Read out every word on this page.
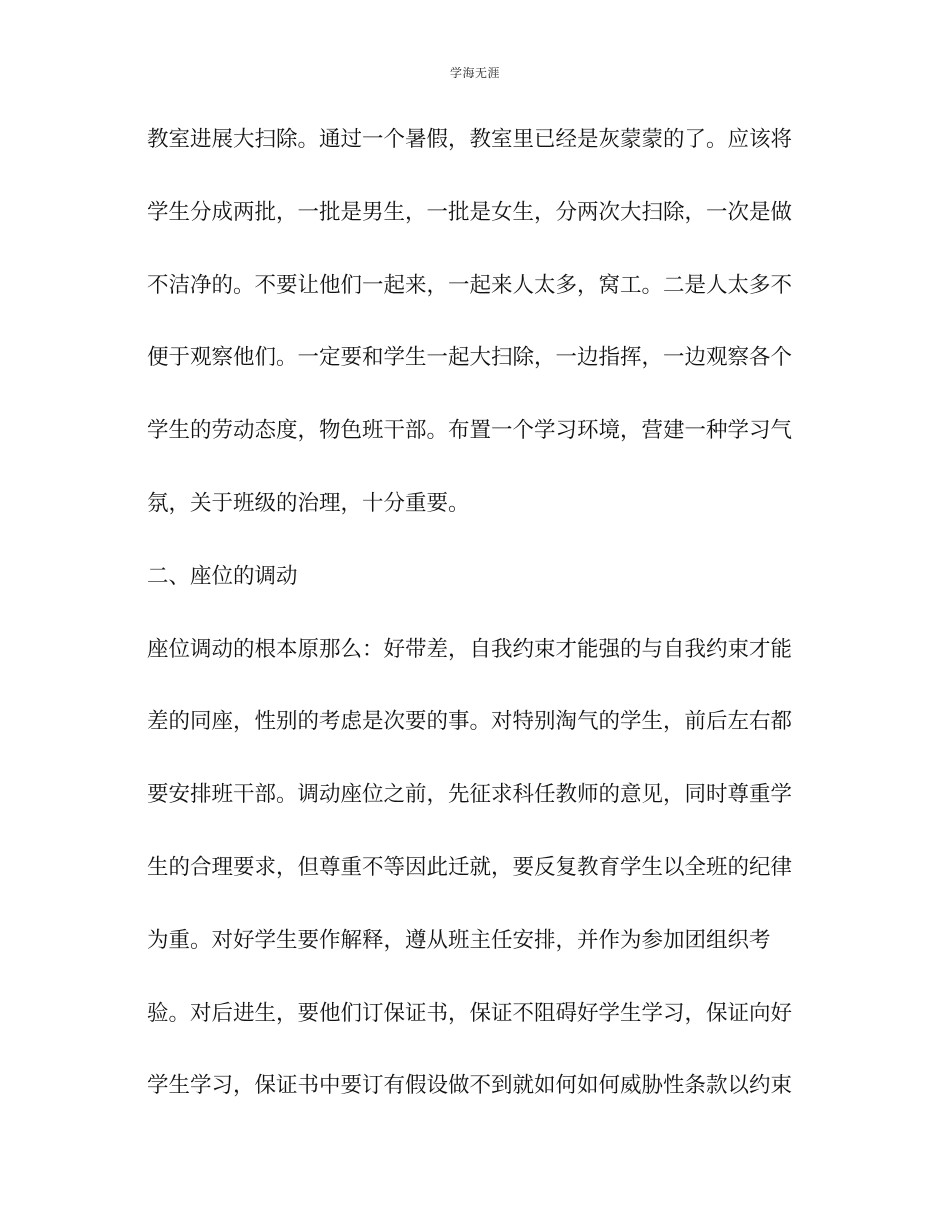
学海无涯
教室进展大扫除。通过一个暑假，教室里已经是灰蒙蒙的了。应该将
学生分成两批，一批是男生，一批是女生，分两次大扫除，一次是做
不洁净的。不要让他们一起来，一起来人太多，窝工。二是人太多不
便于观察他们。一定要和学生一起大扫除，一边指挥，一边观察各个
学生的劳动态度，物色班干部。布置一个学习环境，营建一种学习气
氛，关于班级的治理，十分重要。
二、座位的调动
座位调动的根本原那么：好带差，自我约束才能强的与自我约束才能
差的同座，性别的考虑是次要的事。对特别淘气的学生，前后左右都
要安排班干部。调动座位之前，先征求科任教师的意见，同时尊重学
生的合理要求，但尊重不等因此迁就，要反复教育学生以全班的纪律
为重。对好学生要作解释，遵从班主任安排，并作为参加团组织考
验。对后进生，要他们订保证书，保证不阻碍好学生学习，保证向好
学生学习，保证书中要订有假设做不到就如何如何威胁性条款以约束
